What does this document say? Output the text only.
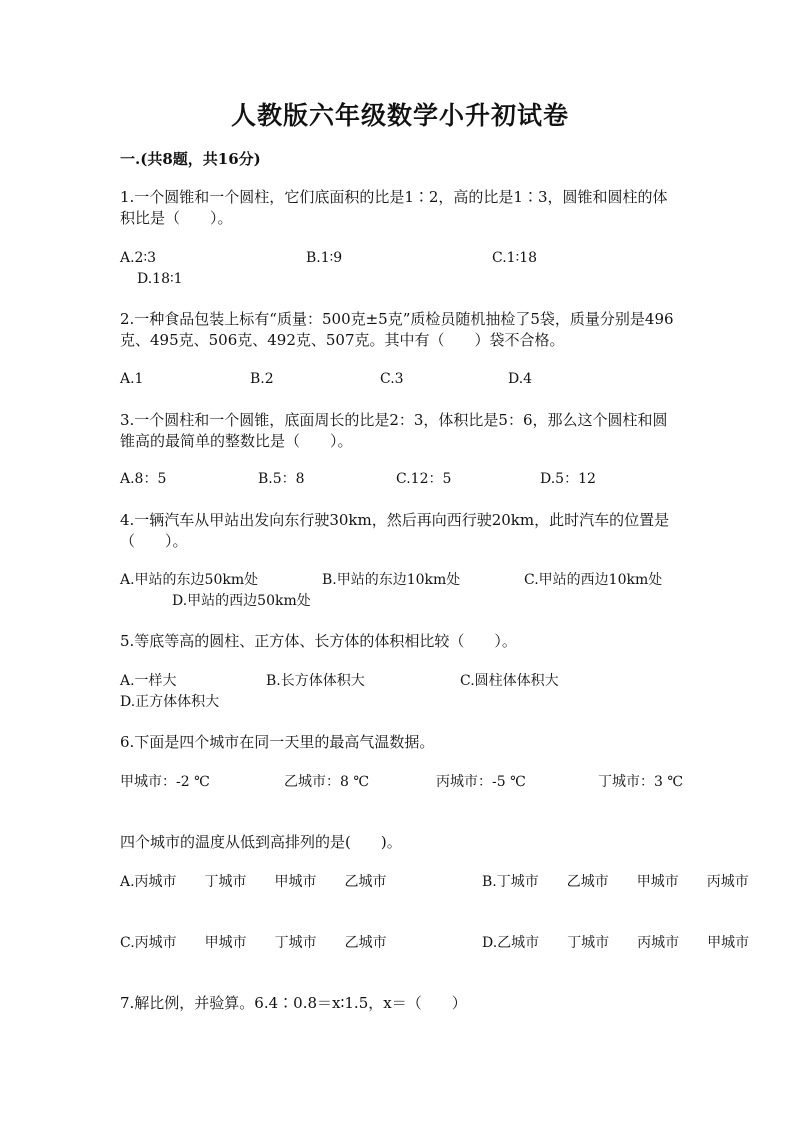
人教版六年级数学小升初试卷
一.(共8题，共16分)

1.一个圆锥和一个圆柱，它们底面积的比是1∶2，高的比是1∶3，圆锥和圆柱的体积比是（　　）。

A.2∶3	B.1∶9	C.1∶18
D.18∶1

2.一种食品包装上标有“质量：500克±5克”质检员随机抽检了5袋，质量分别是496克、495克、506克、492克、507克。其中有（　　）袋不合格。

A.1	B.2	C.3	D.4

3.一个圆柱和一个圆锥，底面周长的比是2：3，体积比是5：6，那么这个圆柱和圆锥高的最简单的整数比是（　　）。

A.8：5	B.5：8	C.12：5	D.5：12

4.一辆汽车从甲站出发向东行驶30km，然后再向西行驶20km，此时汽车的位置是（　　）。

A.甲站的东边50km处	B.甲站的东边10km处	C.甲站的西边10km处
D.甲站的西边50km处

5.等底等高的圆柱、正方体、长方体的体积相比较（　　）。

A.一样大	B.长方体体积大	C.圆柱体体积大
D.正方体体积大

6.下面是四个城市在同一天里的最高气温数据。

甲城市：-2 ℃	乙城市：8 ℃	丙城市：-5 ℃	丁城市：3 ℃

四个城市的温度从低到高排列的是(　　)。

A.丙城市　　丁城市　　甲城市　　乙城市	B.丁城市　　乙城市　　甲城市　　丙城市
C.丙城市　　甲城市　　丁城市　　乙城市	D.乙城市　　丁城市　　丙城市　　甲城市

7.解比例，并验算。6.4∶0.8＝x∶1.5，x＝（　　）
